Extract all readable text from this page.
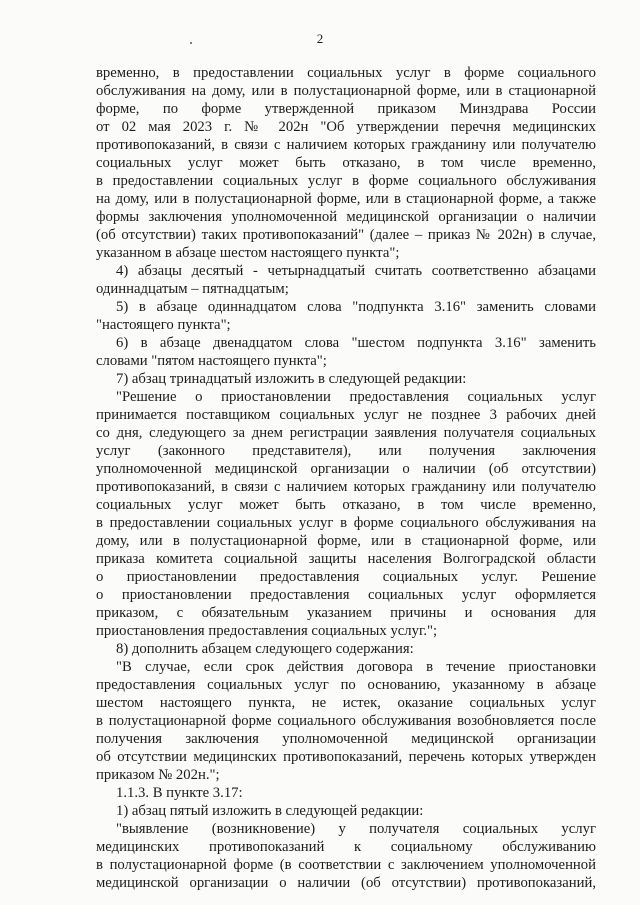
2
временно, в предоставлении социальных услуг в форме социального
обслуживания на дому, или в полустационарной форме, или в стационарной
форме, по форме утвержденной приказом Минздрава России
от 02 мая 2023 г. № 202н "Об утверждении перечня медицинских
противопоказаний, в связи с наличием которых гражданину или получателю
социальных услуг может быть отказано, в том числе временно,
в предоставлении социальных услуг в форме социального обслуживания
на дому, или в полустационарной форме, или в стационарной форме, а также
формы заключения уполномоченной медицинской организации о наличии
(об отсутствии) таких противопоказаний" (далее – приказ № 202н) в случае,
указанном в абзаце шестом настоящего пункта";
4) абзацы десятый - четырнадцатый считать соответственно абзацами
одиннадцатым – пятнадцатым;
5) в абзаце одиннадцатом слова "подпункта 3.16" заменить словами
"настоящего пункта";
6) в абзаце двенадцатом слова "шестом подпункта 3.16" заменить
словами "пятом настоящего пункта";
7) абзац тринадцатый изложить в следующей редакции:
"Решение о приостановлении предоставления социальных услуг
принимается поставщиком социальных услуг не позднее 3 рабочих дней
со дня, следующего за днем регистрации заявления получателя социальных
услуг (законного представителя), или получения заключения
уполномоченной медицинской организации о наличии (об отсутствии)
противопоказаний, в связи с наличием которых гражданину или получателю
социальных услуг может быть отказано, в том числе временно,
в предоставлении социальных услуг в форме социального обслуживания на
дому, или в полустационарной форме, или в стационарной форме, или
приказа комитета социальной защиты населения Волгоградской области
о приостановлении предоставления социальных услуг. Решение
о приостановлении предоставления социальных услуг оформляется
приказом, с обязательным указанием причины и основания для
приостановления предоставления социальных услуг.";
8) дополнить абзацем следующего содержания:
"В случае, если срок действия договора в течение приостановки
предоставления социальных услуг по основанию, указанному в абзаце
шестом настоящего пункта, не истек, оказание социальных услуг
в полустационарной форме социального обслуживания возобновляется после
получения заключения уполномоченной медицинской организации
об отсутствии медицинских противопоказаний, перечень которых утвержден
приказом № 202н.";
1.1.3. В пункте 3.17:
1) абзац пятый изложить в следующей редакции:
"выявление (возникновение) у получателя социальных услуг
медицинских противопоказаний к социальному обслуживанию
в полустационарной форме (в соответствии с заключением уполномоченной
медицинской организации о наличии (об отсутствии) противопоказаний,
